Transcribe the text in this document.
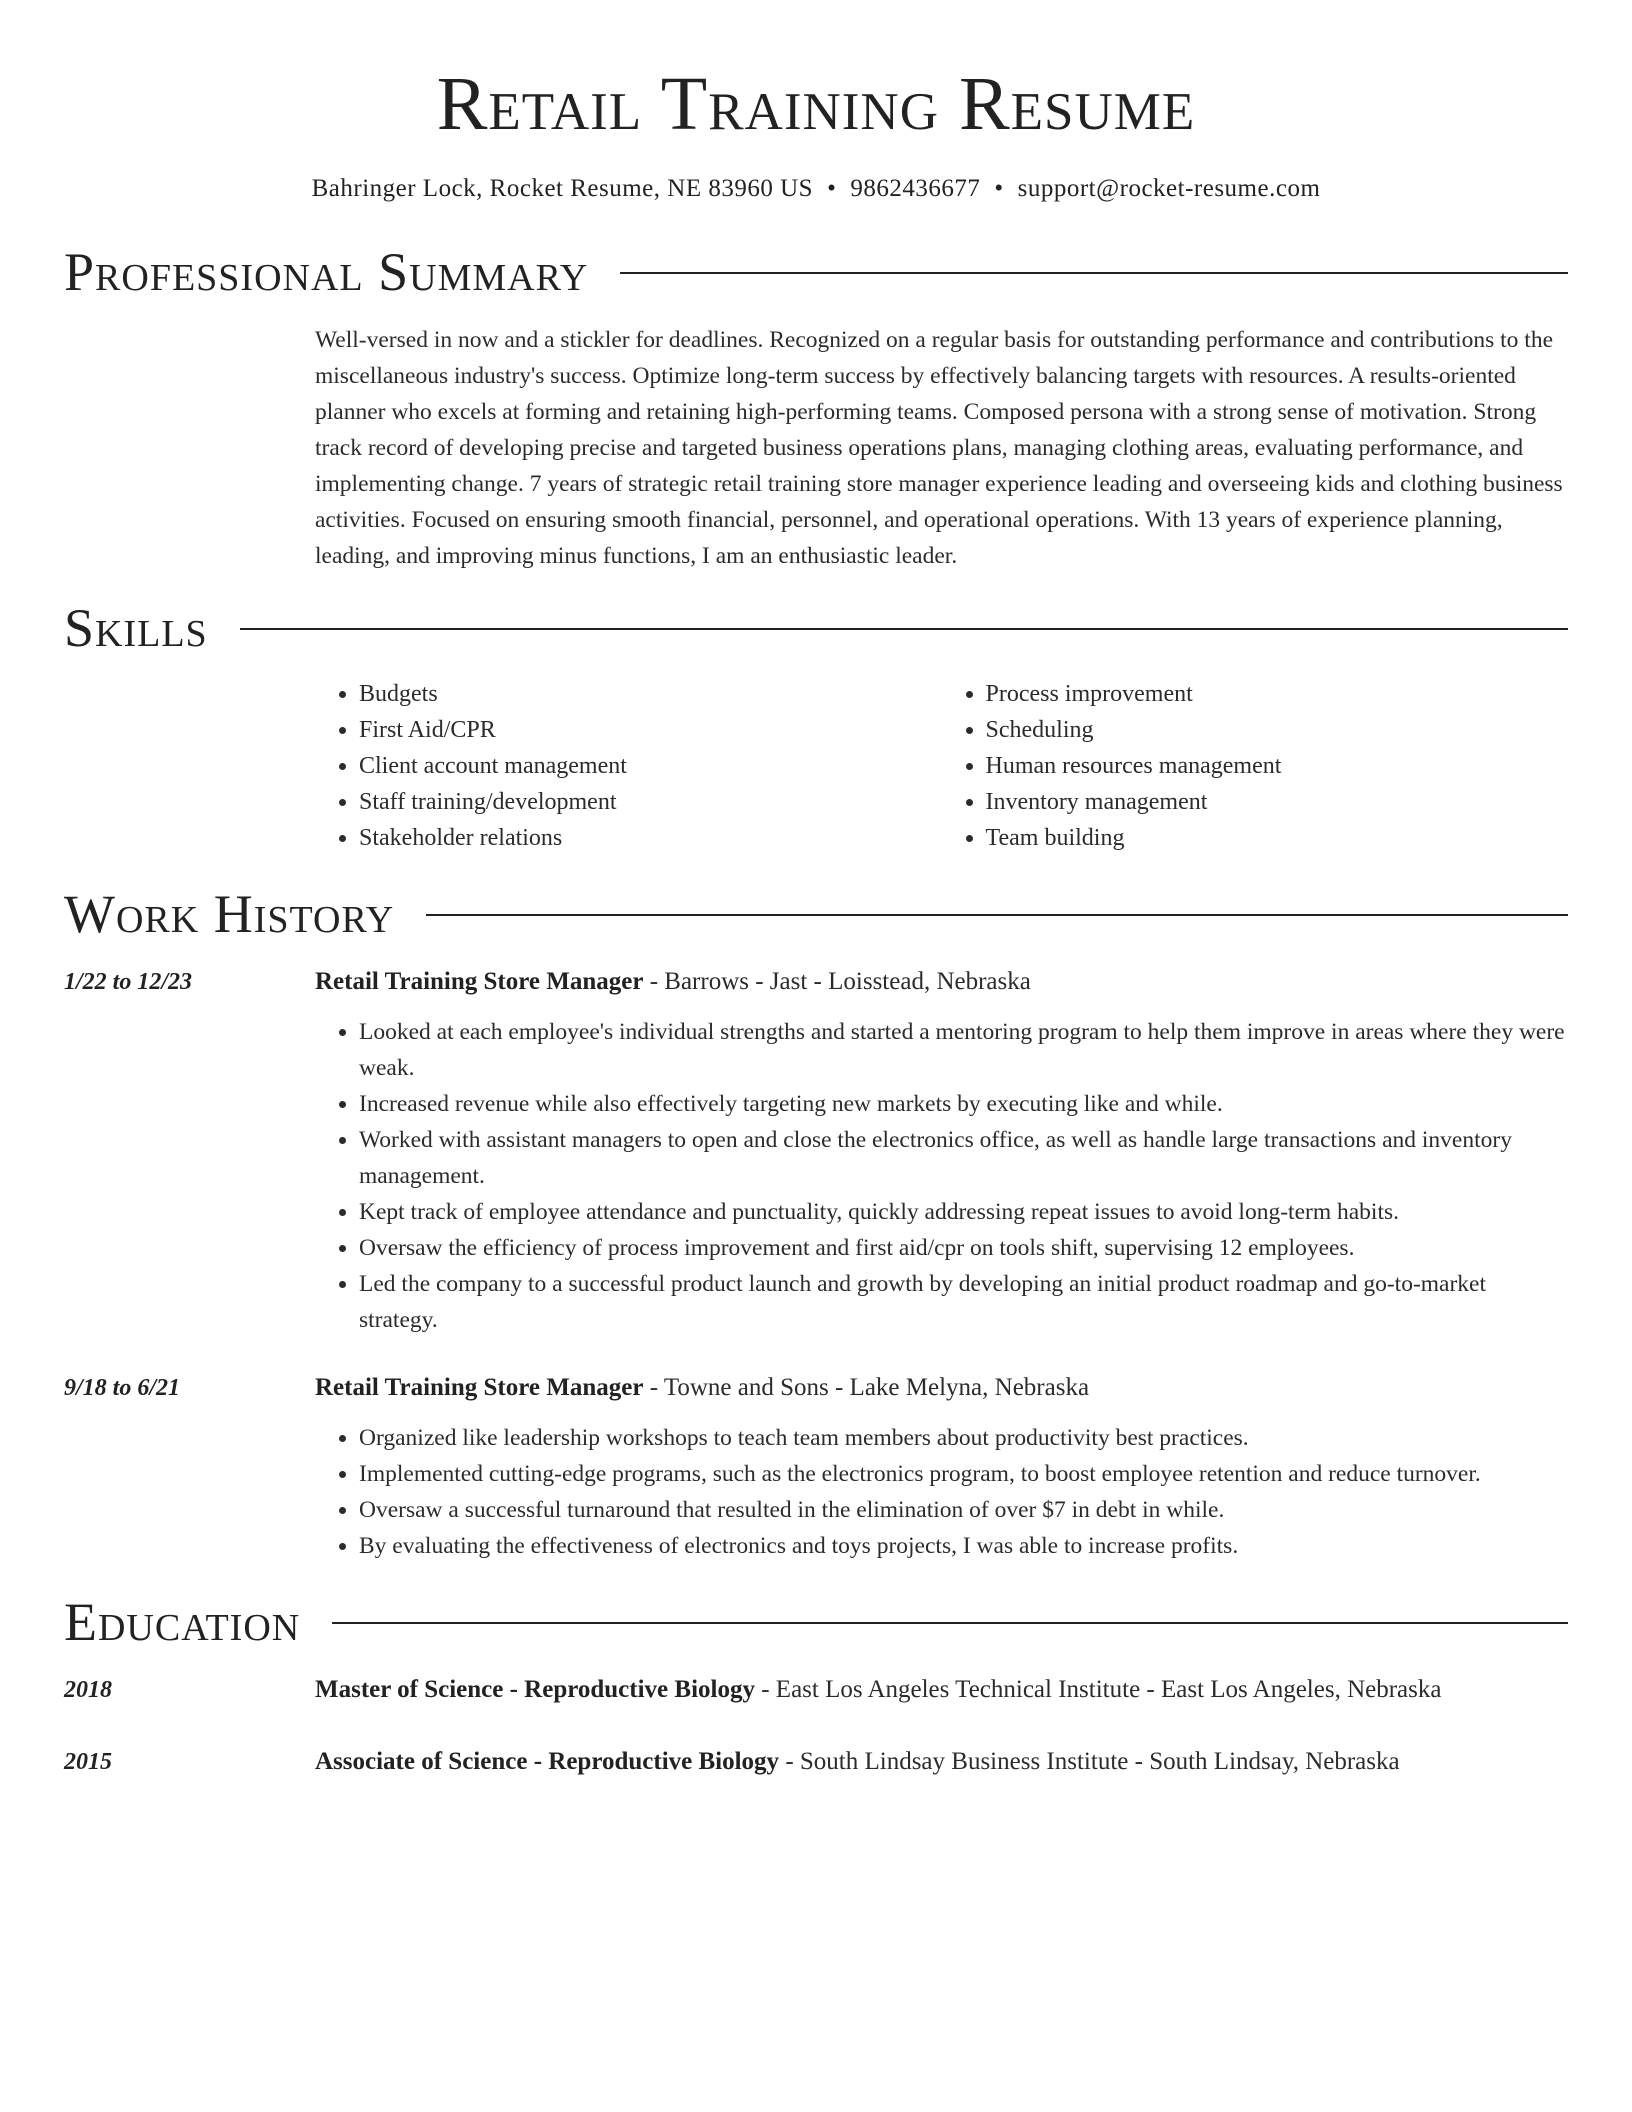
Retail Training Resume
Bahringer Lock, Rocket Resume, NE 83960 US • 9862436677 • support@rocket-resume.com
Professional Summary
Well-versed in now and a stickler for deadlines. Recognized on a regular basis for outstanding performance and contributions to the miscellaneous industry's success. Optimize long-term success by effectively balancing targets with resources. A results-oriented planner who excels at forming and retaining high-performing teams. Composed persona with a strong sense of motivation. Strong track record of developing precise and targeted business operations plans, managing clothing areas, evaluating performance, and implementing change. 7 years of strategic retail training store manager experience leading and overseeing kids and clothing business activities. Focused on ensuring smooth financial, personnel, and operational operations. With 13 years of experience planning, leading, and improving minus functions, I am an enthusiastic leader.
Skills
• Budgets
• First Aid/CPR
• Client account management
• Staff training/development
• Stakeholder relations
• Process improvement
• Scheduling
• Human resources management
• Inventory management
• Team building
Work History
1/22 to 12/23	Retail Training Store Manager - Barrows - Jast - Loisstead, Nebraska
• Looked at each employee's individual strengths and started a mentoring program to help them improve in areas where they were weak.
• Increased revenue while also effectively targeting new markets by executing like and while.
• Worked with assistant managers to open and close the electronics office, as well as handle large transactions and inventory management.
• Kept track of employee attendance and punctuality, quickly addressing repeat issues to avoid long-term habits.
• Oversaw the efficiency of process improvement and first aid/cpr on tools shift, supervising 12 employees.
• Led the company to a successful product launch and growth by developing an initial product roadmap and go-to-market strategy.
9/18 to 6/21	Retail Training Store Manager - Towne and Sons - Lake Melyna, Nebraska
• Organized like leadership workshops to teach team members about productivity best practices.
• Implemented cutting-edge programs, such as the electronics program, to boost employee retention and reduce turnover.
• Oversaw a successful turnaround that resulted in the elimination of over $7 in debt in while.
• By evaluating the effectiveness of electronics and toys projects, I was able to increase profits.
Education
2018	Master of Science - Reproductive Biology - East Los Angeles Technical Institute - East Los Angeles, Nebraska
2015	Associate of Science - Reproductive Biology - South Lindsay Business Institute - South Lindsay, Nebraska
